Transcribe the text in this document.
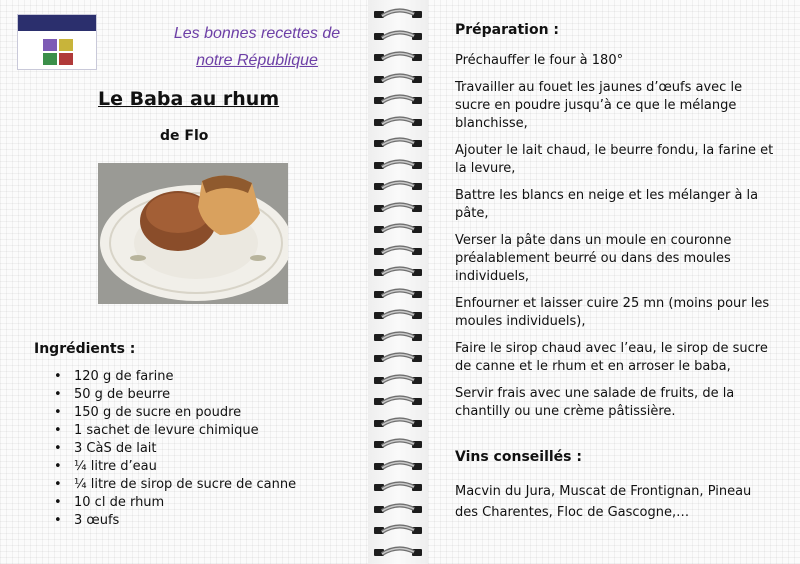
Les bonnes recettes de
notre République
Le Baba au rhum
de Flo
Ingrédients :
• 120 g de farine
• 50 g de beurre
• 150 g de sucre en poudre
• 1 sachet de levure chimique
• 3 CàS de lait
• ¼ litre d’eau
• ¼ litre de sirop de sucre de canne
• 10 cl de rhum
• 3 œufs
Préparation :

Préchauffer le four à 180°

Travailler au fouet les jaunes d’œufs avec le sucre en poudre jusqu’à ce que le mélange blanchisse,

Ajouter le lait chaud, le beurre fondu, la farine et la levure,

Battre les blancs en neige et les mélanger à la pâte,

Verser la pâte dans un moule en couronne préalablement beurré ou dans des moules individuels,

Enfourner et laisser cuire 25 mn (moins pour les moules individuels),

Faire le sirop chaud avec l’eau, le sirop de sucre de canne et le rhum et en arroser le baba,

Servir frais avec une salade de fruits, de la chantilly ou une crème pâtissière.

Vins conseillés :
Macvin du Jura, Muscat de Frontignan, Pineau des Charentes, Floc de Gascogne,…
